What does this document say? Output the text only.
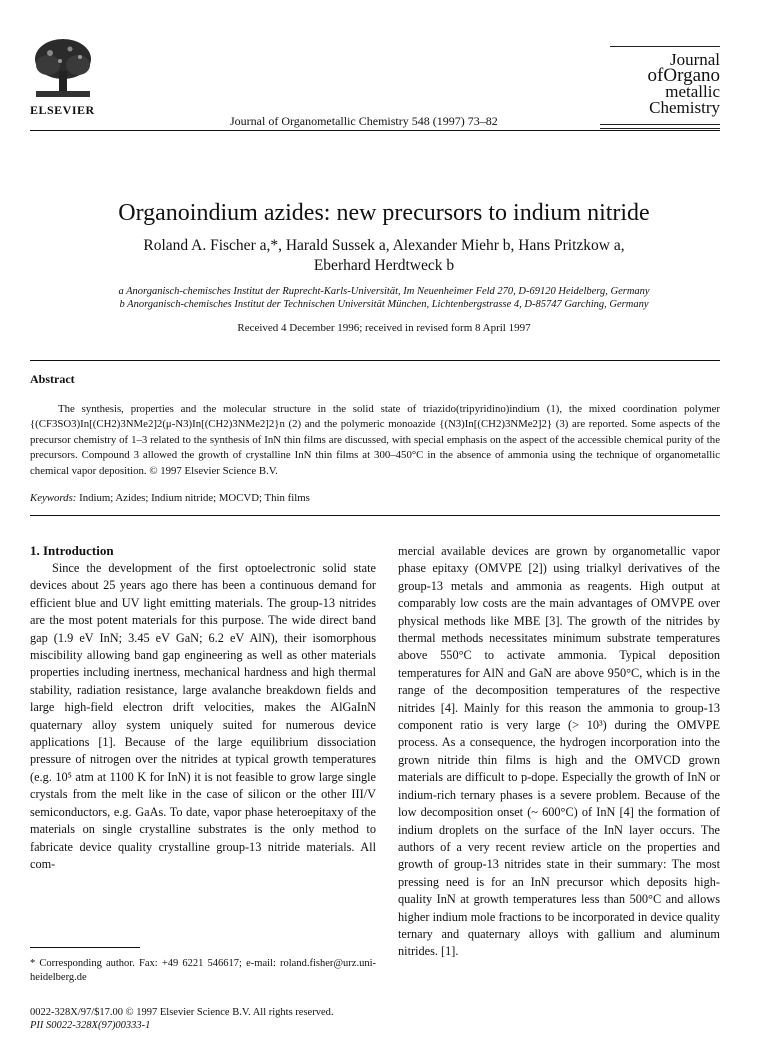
ELSEVIER
Journal of Organometallic Chemistry 548 (1997) 73–82
Journal
ofOrgano
metallic
Chemistry
Organoindium azides: new precursors to indium nitride
Roland A. Fischer a,*, Harald Sussek a, Alexander Miehr b, Hans Pritzkow a,
Eberhard Herdtweck b
a Anorganisch-chemisches Institut der Ruprecht-Karls-Universität, Im Neuenheimer Feld 270, D-69120 Heidelberg, Germany
b Anorganisch-chemisches Institut der Technischen Universität München, Lichtenbergstrasse 4, D-85747 Garching, Germany
Received 4 December 1996; received in revised form 8 April 1997
Abstract
The synthesis, properties and the molecular structure in the solid state of triazido(tripyridino)indium (1), the mixed coordination polymer {(CF3SO3)In[(CH2)3NMe2]2(μ-N3)In[(CH2)3NMe2]2}n (2) and the polymeric monoazide {(N3)In[(CH2)3NMe2]2} (3) are reported. Some aspects of the precursor chemistry of 1–3 related to the synthesis of InN thin films are discussed, with special emphasis on the aspect of the accessible chemical purity of the precursors. Compound 3 allowed the growth of crystalline InN thin films at 300–450°C in the absence of ammonia using the technique of organometallic chemical vapor deposition. © 1997 Elsevier Science B.V.
Keywords: Indium; Azides; Indium nitride; MOCVD; Thin films
1. Introduction

Since the development of the first optoelectronic solid state devices about 25 years ago there has been a continuous demand for efficient blue and UV light emitting materials. The group-13 nitrides are the most potent materials for this purpose. The wide direct band gap (1.9 eV InN; 3.45 eV GaN; 6.2 eV AlN), their isomorphous miscibility allowing band gap engineering as well as other materials properties including inertness, mechanical hardness and high thermal stability, radiation resistance, large avalanche breakdown fields and large high-field electron drift velocities, makes the AlGaInN quaternary alloy system uniquely suited for numerous device applications [1]. Because of the large equilibrium dissociation pressure of nitrogen over the nitrides at typical growth temperatures (e.g. 10⁵ atm at 1100 K for InN) it is not feasible to grow large single crystals from the melt like in the case of silicon or the other III/V semiconductors, e.g. GaAs. To date, vapor phase heteroepitaxy of the materials on single crystalline substrates is the only method to fabricate device quality crystalline group-13 nitride materials. All com-

mercial available devices are grown by organometallic vapor phase epitaxy (OMVPE [2]) using trialkyl derivatives of the group-13 metals and ammonia as reagents. High output at comparably low costs are the main advantages of OMVPE over physical methods like MBE [3]. The growth of the nitrides by thermal methods necessitates minimum substrate temperatures above 550°C to activate ammonia. Typical deposition temperatures for AlN and GaN are above 950°C, which is in the range of the decomposition temperatures of the respective nitrides [4]. Mainly for this reason the ammonia to group-13 component ratio is very large (> 10³) during the OMVPE process. As a consequence, the hydrogen incorporation into the grown nitride thin films is high and the OMVCD grown materials are difficult to p-dope. Especially the growth of InN or indium-rich ternary phases is a severe problem. Because of the low decomposition onset (~ 600°C) of InN [4] the formation of indium droplets on the surface of the InN layer occurs. The authors of a very recent review article on the properties and growth of group-13 nitrides state in their summary: The most pressing need is for an InN precursor which deposits high-quality InN at growth temperatures less than 500°C and allows higher indium mole fractions to be incorporated in device quality ternary and quaternary alloys with gallium and aluminum nitrides. [1].

* Corresponding author. Fax: +49 6221 546617; e-mail: roland.fisher@urz.uni-heidelberg.de
0022-328X/97/$17.00 © 1997 Elsevier Science B.V. All rights reserved.
PII S0022-328X(97)00333-1
